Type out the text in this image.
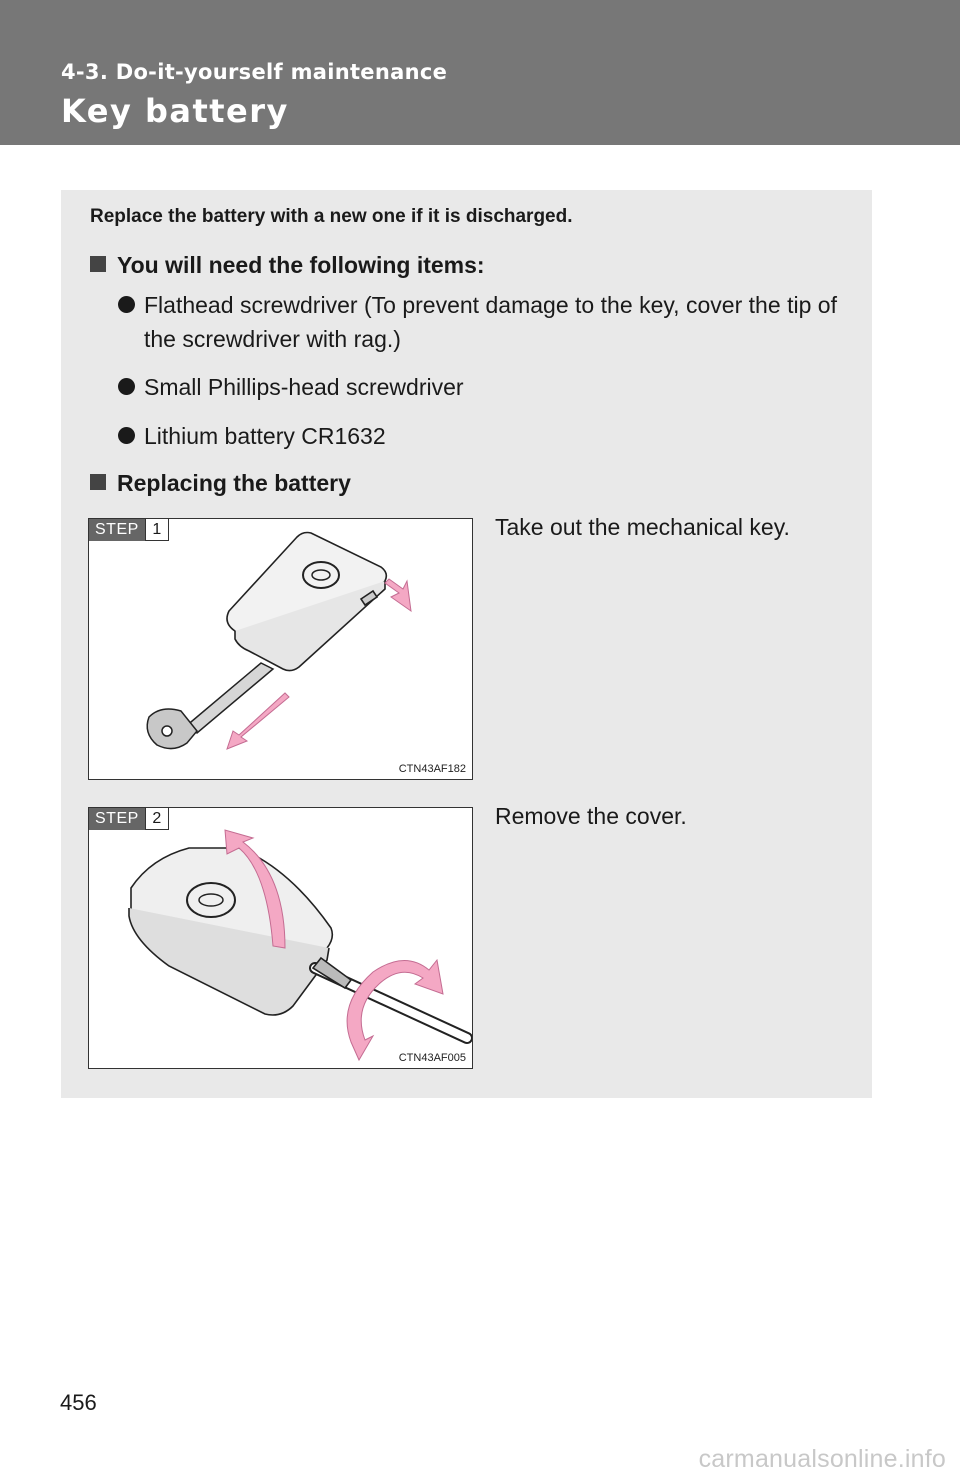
4-3. Do-it-yourself maintenance
Key battery
Replace the battery with a new one if it is discharged.
You will need the following items:
Flathead screwdriver (To prevent damage to the key, cover the tip of the screwdriver with rag.)
Small Phillips-head screwdriver
Lithium battery CR1632
Replacing the battery
STEP 1
CTN43AF182
Take out the mechanical key.
STEP 2
CTN43AF005
Remove the cover.
456
carmanualsonline.info
